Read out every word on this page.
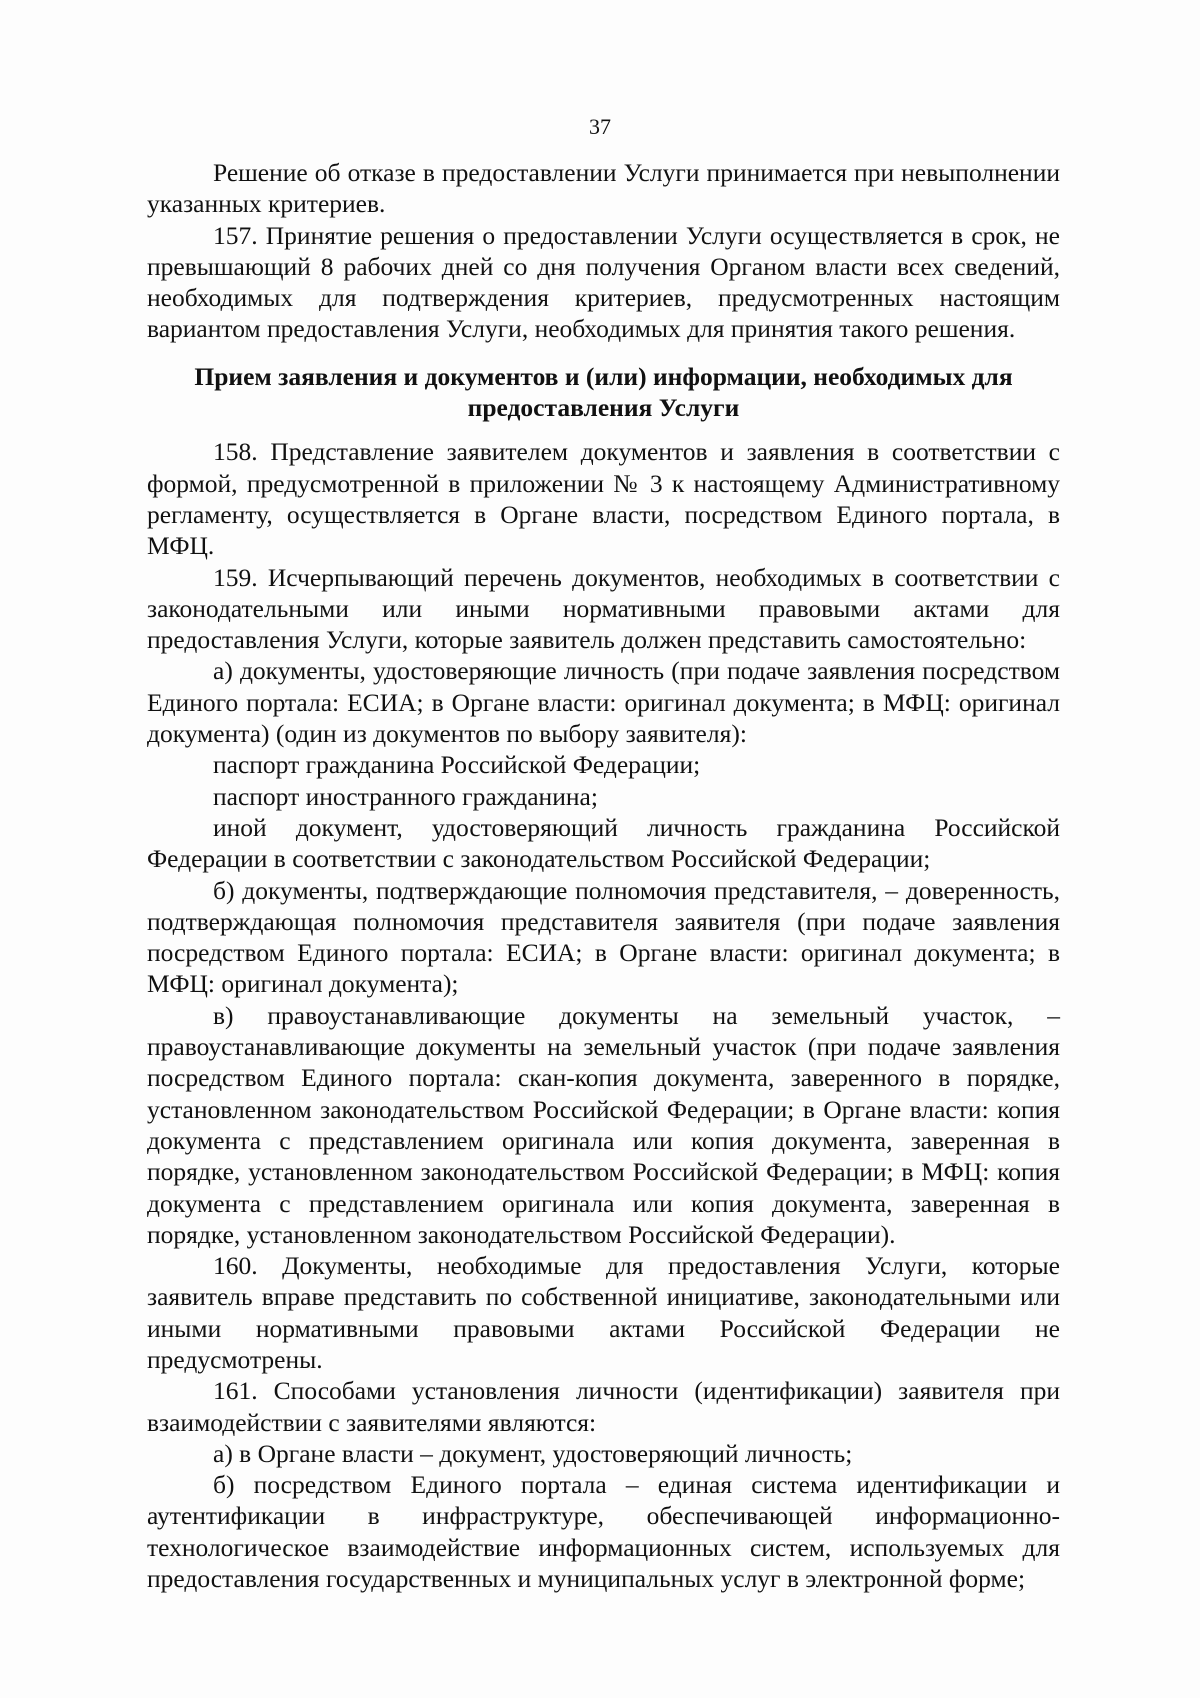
37

Решение об отказе в предоставлении Услуги принимается при невыполнении указанных критериев.

157. Принятие решения о предоставлении Услуги осуществляется в срок, не превышающий 8 рабочих дней со дня получения Органом власти всех сведений, необходимых для подтверждения критериев, предусмотренных настоящим вариантом предоставления Услуги, необходимых для принятия такого решения.

Прием заявления и документов и (или) информации, необходимых для предоставления Услуги

158. Представление заявителем документов и заявления в соответствии с формой, предусмотренной в приложении № 3 к настоящему Административному регламенту, осуществляется в Органе власти, посредством Единого портала, в МФЦ.

159. Исчерпывающий перечень документов, необходимых в соответствии с законодательными или иными нормативными правовыми актами для предоставления Услуги, которые заявитель должен представить самостоятельно:

а) документы, удостоверяющие личность (при подаче заявления посредством Единого портала: ЕСИА; в Органе власти: оригинал документа; в МФЦ: оригинал документа) (один из документов по выбору заявителя):

паспорт гражданина Российской Федерации;

паспорт иностранного гражданина;

иной документ, удостоверяющий личность гражданина Российской Федерации в соответствии с законодательством Российской Федерации;

б) документы, подтверждающие полномочия представителя, – доверенность, подтверждающая полномочия представителя заявителя (при подаче заявления посредством Единого портала: ЕСИА; в Органе власти: оригинал документа; в МФЦ: оригинал документа);

в) правоустанавливающие документы на земельный участок, – правоустанавливающие документы на земельный участок (при подаче заявления посредством Единого портала: скан-копия документа, заверенного в порядке, установленном законодательством Российской Федерации; в Органе власти: копия документа с представлением оригинала или копия документа, заверенная в порядке, установленном законодательством Российской Федерации; в МФЦ: копия документа с представлением оригинала или копия документа, заверенная в порядке, установленном законодательством Российской Федерации).

160. Документы, необходимые для предоставления Услуги, которые заявитель вправе представить по собственной инициативе, законодательными или иными нормативными правовыми актами Российской Федерации не предусмотрены.

161. Способами установления личности (идентификации) заявителя при взаимодействии с заявителями являются:

а) в Органе власти – документ, удостоверяющий личность;

б) посредством Единого портала – единая система идентификации и аутентификации в инфраструктуре, обеспечивающей информационно-технологическое взаимодействие информационных систем, используемых для предоставления государственных и муниципальных услуг в электронной форме;
